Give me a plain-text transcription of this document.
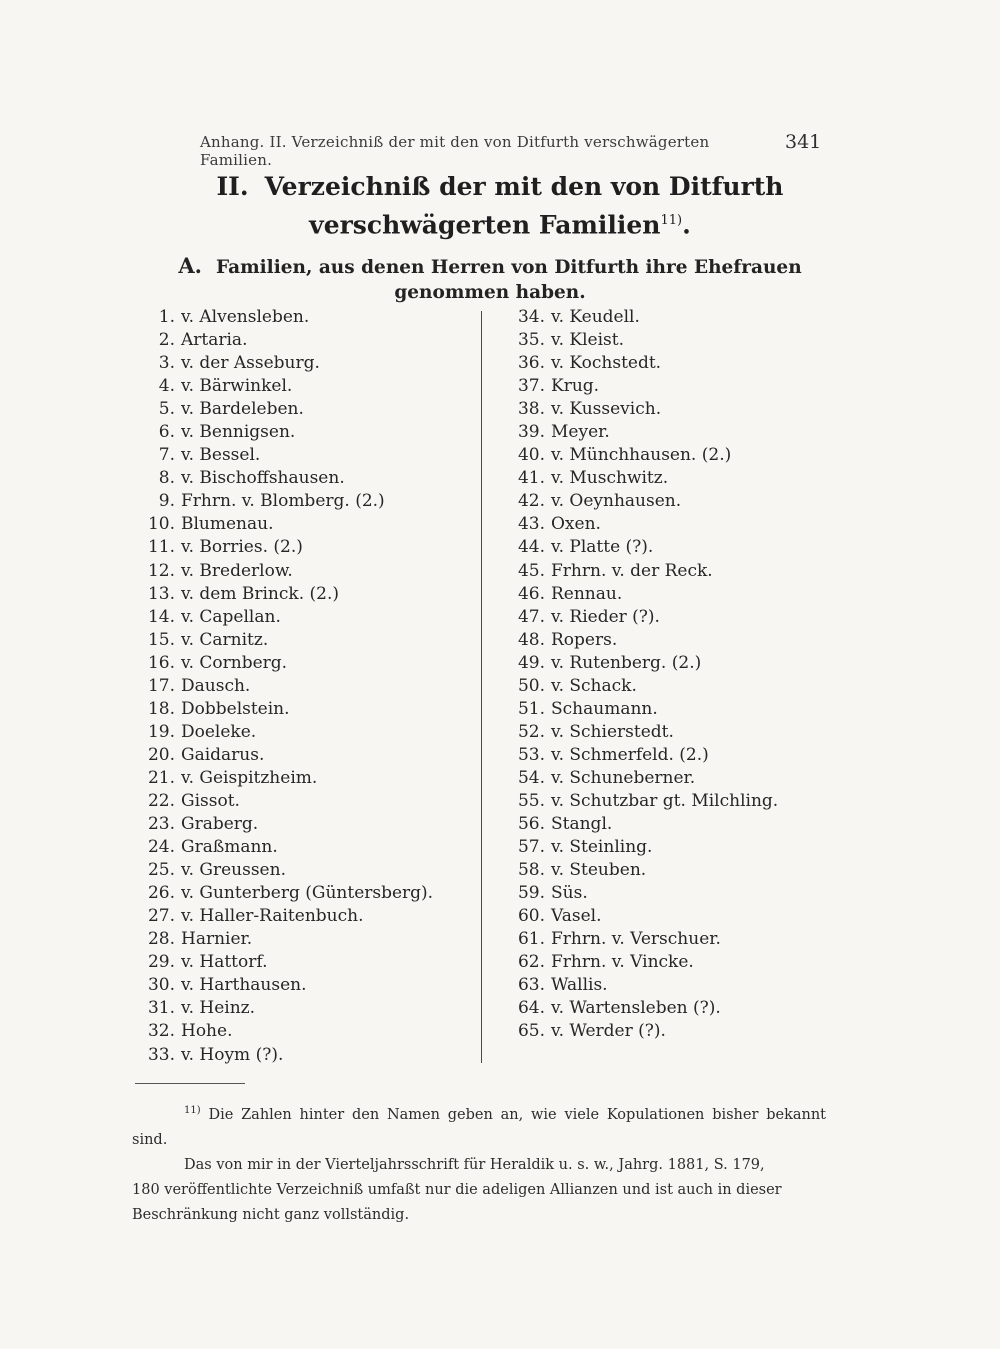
Anhang. II. Verzeichniß der mit den von Ditfurth verschwägerten Familien.
341
II. Verzeichniß der mit den von Ditfurth
verschwägerten Familien$^{11)}$.
A. Familien, aus denen Herren von Ditfurth ihre Ehefrauen
genommen haben.
1. v. Alvensleben.
2. Artaria.
3. v. der Asseburg.
4. v. Bärwinkel.
5. v. Bardeleben.
6. v. Bennigsen.
7. v. Bessel.
8. v. Bischoffshausen.
9. Frhrn. v. Blomberg. (2.)
10. Blumenau.
11. v. Borries. (2.)
12. v. Brederlow.
13. v. dem Brinck. (2.)
14. v. Capellan.
15. v. Carnitz.
16. v. Cornberg.
17. Dausch.
18. Dobbelstein.
19. Doeleke.
20. Gaidarus.
21. v. Geispitzheim.
22. Gissot.
23. Graberg.
24. Graßmann.
25. v. Greussen.
26. v. Gunterberg (Güntersberg).
27. v. Haller-Raitenbuch.
28. Harnier.
29. v. Hattorf.
30. v. Harthausen.
31. v. Heinz.
32. Hohe.
33. v. Hoym (?).
34. v. Keudell.
35. v. Kleist.
36. v. Kochstedt.
37. Krug.
38. v. Kussevich.
39. Meyer.
40. v. Münchhausen. (2.)
41. v. Muschwitz.
42. v. Oeynhausen.
43. Oxen.
44. v. Platte (?).
45. Frhrn. v. der Reck.
46. Rennau.
47. v. Rieder (?).
48. Ropers.
49. v. Rutenberg. (2.)
50. v. Schack.
51. Schaumann.
52. v. Schierstedt.
53. v. Schmerfeld. (2.)
54. v. Schuneberner.
55. v. Schutzbar gt. Milchling.
56. Stangl.
57. v. Steinling.
58. v. Steuben.
59. Süs.
60. Vasel.
61. Frhrn. v. Verschuer.
62. Frhrn. v. Vincke.
63. Wallis.
64. v. Wartensleben (?).
65. v. Werder (?).
$^{11)}$ Die Zahlen hinter den Namen geben an, wie viele Kopulationen bisher bekannt sind.
Das von mir in der Vierteljahrsschrift für Heraldik u. s. w., Jahrg. 1881, S. 179,
180 veröffentlichte Verzeichniß umfaßt nur die adeligen Allianzen und ist auch in dieser
Beschränkung nicht ganz vollständig.
